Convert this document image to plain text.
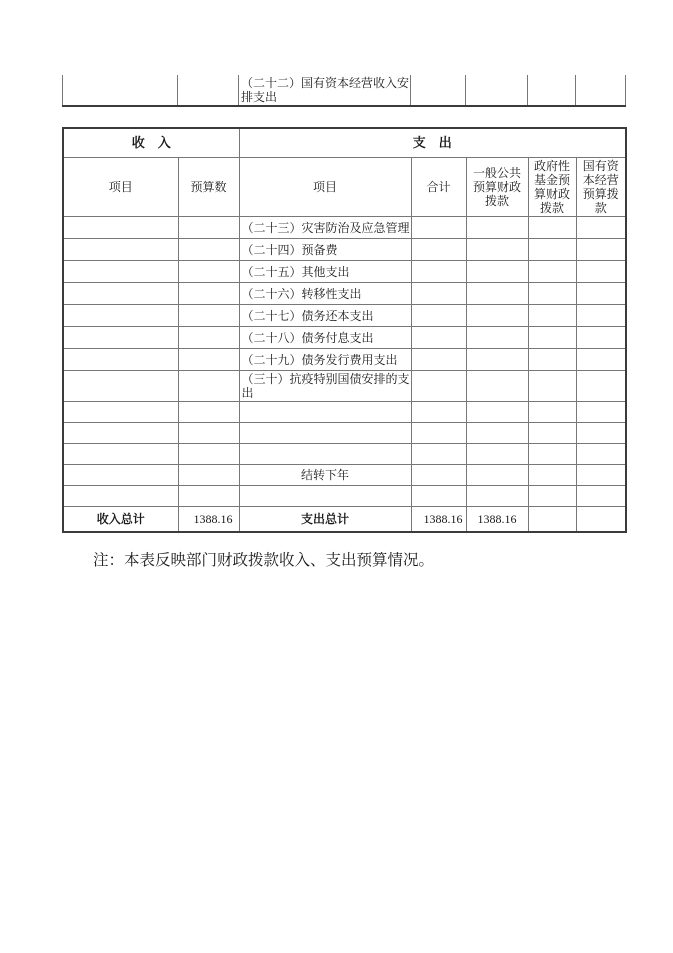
		（二十二）国有资本经营收入安排支出				
收　入		支　出				
项目	预算数	项目	合计	一般公共预算财政拨款	政府性基金预算财政拨款	国有资本经营预算拨款
		（二十三）灾害防治及应急管理				
		（二十四）预备费				
		（二十五）其他支出				
		（二十六）转移性支出				
		（二十七）债务还本支出				
		（二十八）债务付息支出				
		（二十九）债务发行费用支出				
		（三十）抗疫特别国债安排的支出				

		结转下年				

收入总计	1388.16	支出总计	1388.16	1388.16		
注：本表反映部门财政拨款收入、支出预算情况。
